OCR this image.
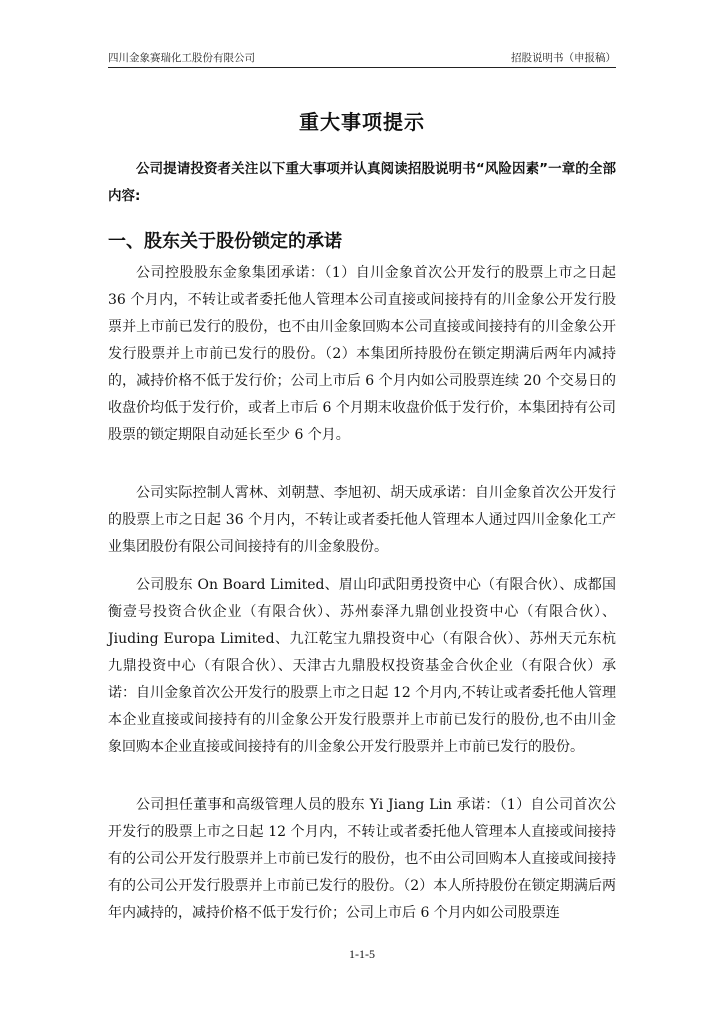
四川金象赛瑞化工股份有限公司	招股说明书（申报稿）
重大事项提示

公司提请投资者关注以下重大事项并认真阅读招股说明书“风险因素”一章的全部内容:

一、股东关于股份锁定的承诺

公司控股股东金象集团承诺：（1）自川金象首次公开发行的股票上市之日起 36 个月内，不转让或者委托他人管理本公司直接或间接持有的川金象公开发行股票并上市前已发行的股份，也不由川金象回购本公司直接或间接持有的川金象公开发行股票并上市前已发行的股份。（2）本集团所持股份在锁定期满后两年内减持的，减持价格不低于发行价；公司上市后 6 个月内如公司股票连续 20 个交易日的收盘价均低于发行价，或者上市后 6 个月期末收盘价低于发行价，本集团持有公司股票的锁定期限自动延长至少 6 个月。

公司实际控制人霄林、刘朝慧、李旭初、胡天成承诺：自川金象首次公开发行的股票上市之日起 36 个月内，不转让或者委托他人管理本人通过四川金象化工产业集团股份有限公司间接持有的川金象股份。

公司股东 On Board Limited、眉山印武阳勇投资中心（有限合伙）、成都国衡壹号投资合伙企业（有限合伙）、苏州泰泽九鼎创业投资中心（有限合伙）、Jiuding Europa Limited、九江乾宝九鼎投资中心（有限合伙）、苏州天元东杭九鼎投资中心（有限合伙）、天津古九鼎股权投资基金合伙企业（有限合伙）承诺：自川金象首次公开发行的股票上市之日起 12 个月内,不转让或者委托他人管理本企业直接或间接持有的川金象公开发行股票并上市前已发行的股份,也不由川金象回购本企业直接或间接持有的川金象公开发行股票并上市前已发行的股份。

公司担任董事和高级管理人员的股东 Yi Jiang Lin 承诺：（1）自公司首次公开发行的股票上市之日起 12 个月内，不转让或者委托他人管理本人直接或间接持有的公司公开发行股票并上市前已发行的股份，也不由公司回购本人直接或间接持有的公司公开发行股票并上市前已发行的股份。（2）本人所持股份在锁定期满后两年内减持的，减持价格不低于发行价；公司上市后 6 个月内如公司股票连

1-1-5
